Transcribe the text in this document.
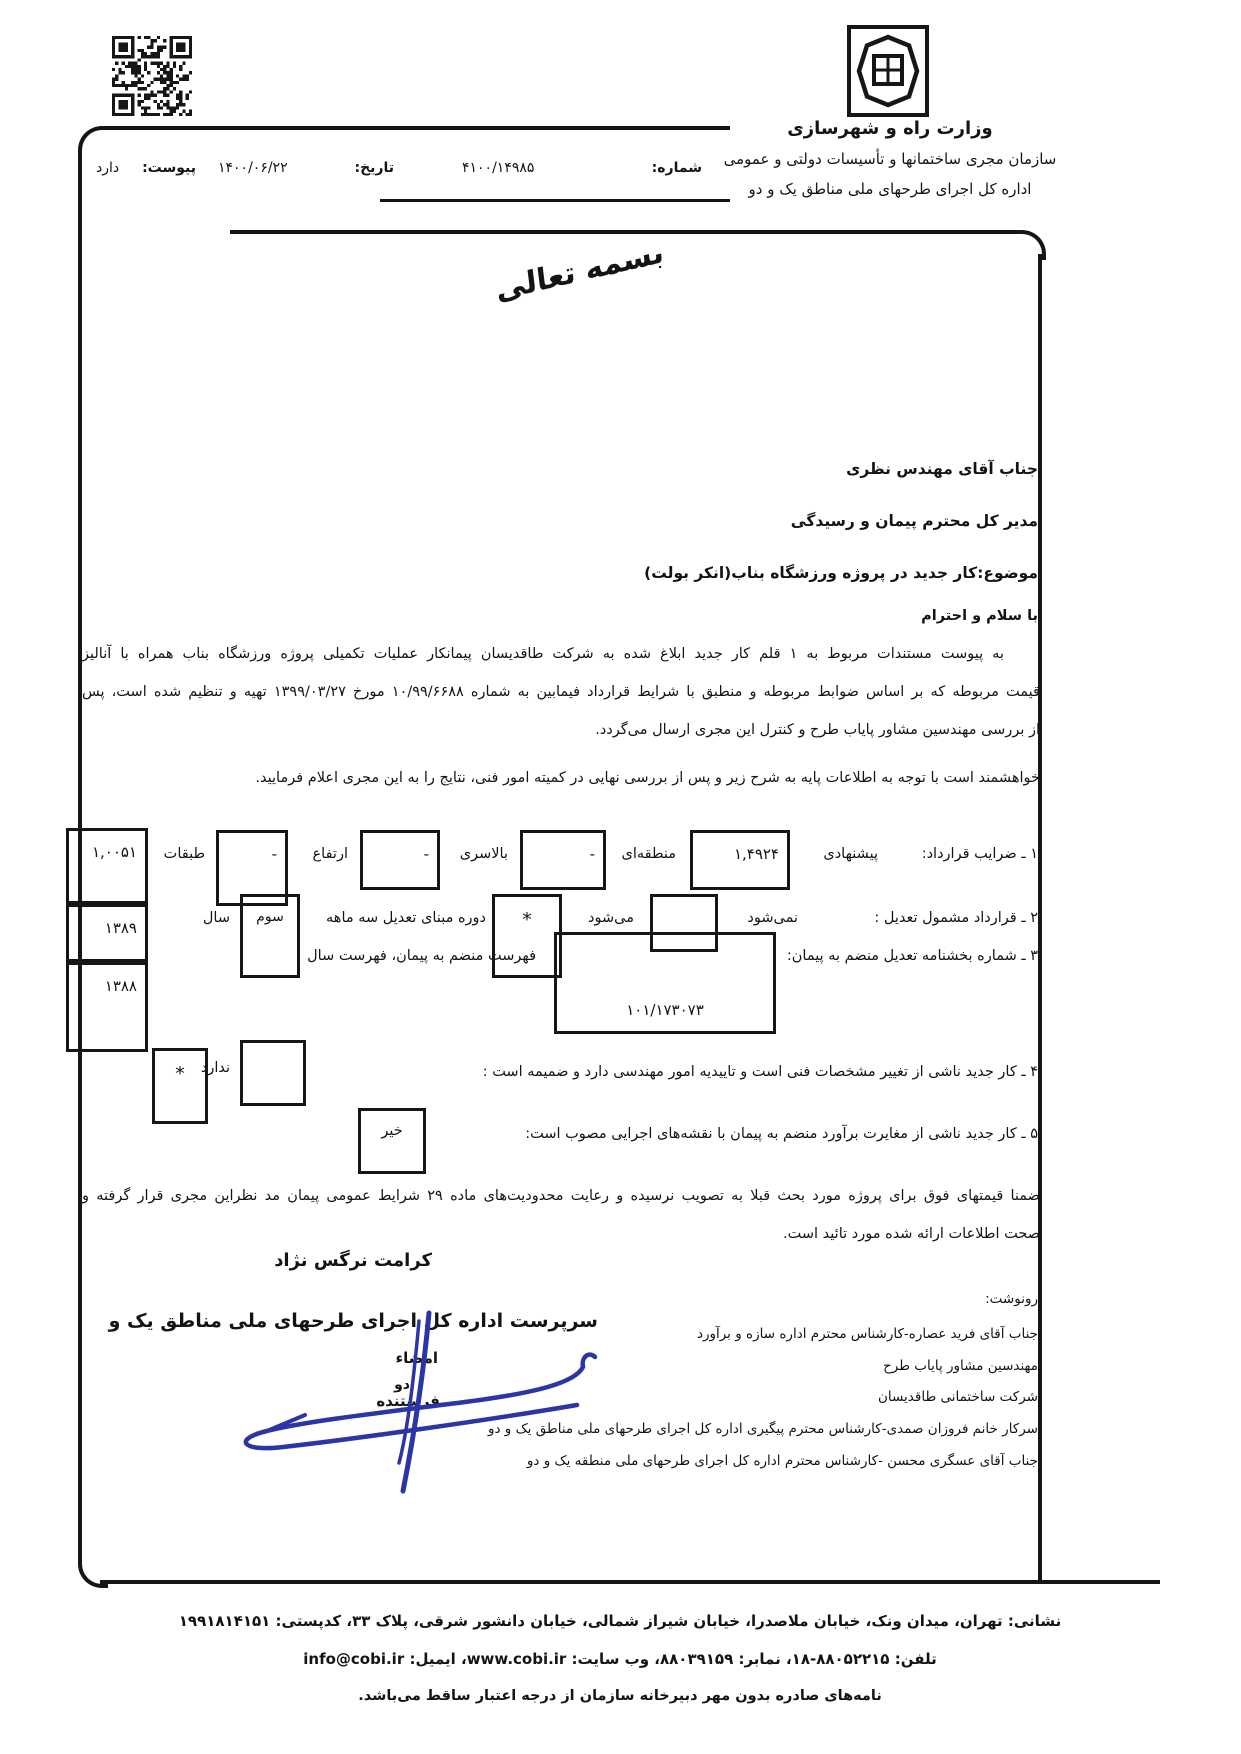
وزارت راه و شهرسازی
سازمان مجری ساختمانها و تأسیسات دولتی و عمومی
اداره کل اجرای طرحهای ملی مناطق یک و دو
شماره:
۴۱۰۰/۱۴۹۸۵
تاریخ:
۱۴۰۰/۰۶/۲۲
پیوست:
دارد
بسمه تعالی
جناب آقای مهندس نظری
مدیر کل محترم پیمان و رسیدگی
موضوع:کار جدید در پروژه ورزشگاه بناب(انکر بولت)
با سلام و احترام
به پیوست مستندات مربوط به ۱ قلم کار جدید ابلاغ شده به شرکت طاقدیسان پیمانکار عملیات تکمیلی پروژه ورزشگاه بناب همراه با آنالیز
قیمت مربوطه که بر اساس ضوابط مربوطه و منطبق با شرایط قرارداد فیمابین به شماره ۱۰/۹۹/۶۶۸۸ مورخ ۱۳۹۹/۰۳/۲۷ تهیه و تنظیم شده است، پس
از بررسی مهندسین مشاور پایاب طرح و کنترل این مجری ارسال می‌گردد.
خواهشمند است با توجه به اطلاعات پایه به شرح زیر و پس از بررسی نهایی در کمیته امور فنی، نتایج را به این مجری اعلام فرمایید.
۱ ـ ضرایب قرارداد:
پیشنهادی
۱,۴۹۲۴
منطقه‌ای
-
بالاسری
-
ارتفاع
-
طبقات
۱,۰۰۵۱
۲ ـ قرارداد مشمول تعدیل :
نمی‌شود
می‌شود
*
دوره مبنای تعدیل سه ماهه
سوم
سال
۱۳۸۹
۳ ـ شماره بخشنامه تعدیل منضم به پیمان:
۱۰۱/۱۷۳۰۷۳
فهرست منضم به پیمان، فهرست سال
۱۳۸۸
۴ ـ کار جدید ناشی از تغییر مشخصات فنی است و تاییدیه امور مهندسی دارد و ضمیمه است :
ندارد
*
۵ ـ کار جدید ناشی از مغایرت برآورد منضم به پیمان با نقشه‌های اجرایی مصوب است:
خیر
ضمنا قیمتهای فوق برای پروژه مورد بحث قبلا به تصویب نرسیده و رعایت محدودیت‌های ماده ۲۹ شرایط عمومی پیمان مد نظراین مجری قرار گرفته و
صحت اطلاعات ارائه شده مورد تائید است.
کرامت نرگس نژاد
سرپرست اداره کل اجرای طرحهای ملی مناطق یک و
امضاء
دو
فرستنده
رونوشت:
جناب آقای فرید عصاره-کارشناس محترم اداره سازه و برآورد
مهندسین مشاور پایاب طرح
شرکت ساختمانی طاقدیسان
سرکار خانم فروزان صمدی-کارشناس محترم پیگیری اداره کل اجرای طرحهای ملی مناطق یک و دو
جناب آقای عسگری محسن -کارشناس محترم اداره کل اجرای طرحهای ملی منطقه یک و دو
نشانی: تهران، میدان ونک، خیابان ملاصدرا، خیابان شیراز شمالی، خیابان دانشور شرقی، پلاک ۳۳، کدپستی: ۱۹۹۱۸۱۴۱۵۱
تلفن: ۸۸۰۵۲۲۱۵-۱۸، نمابر: ۸۸۰۳۹۱۵۹، وب سایت: www.cobi.ir، ایمیل: info@cobi.ir
نامه‌های صادره بدون مهر دبیرخانه سازمان از درجه اعتبار ساقط می‌باشد.
